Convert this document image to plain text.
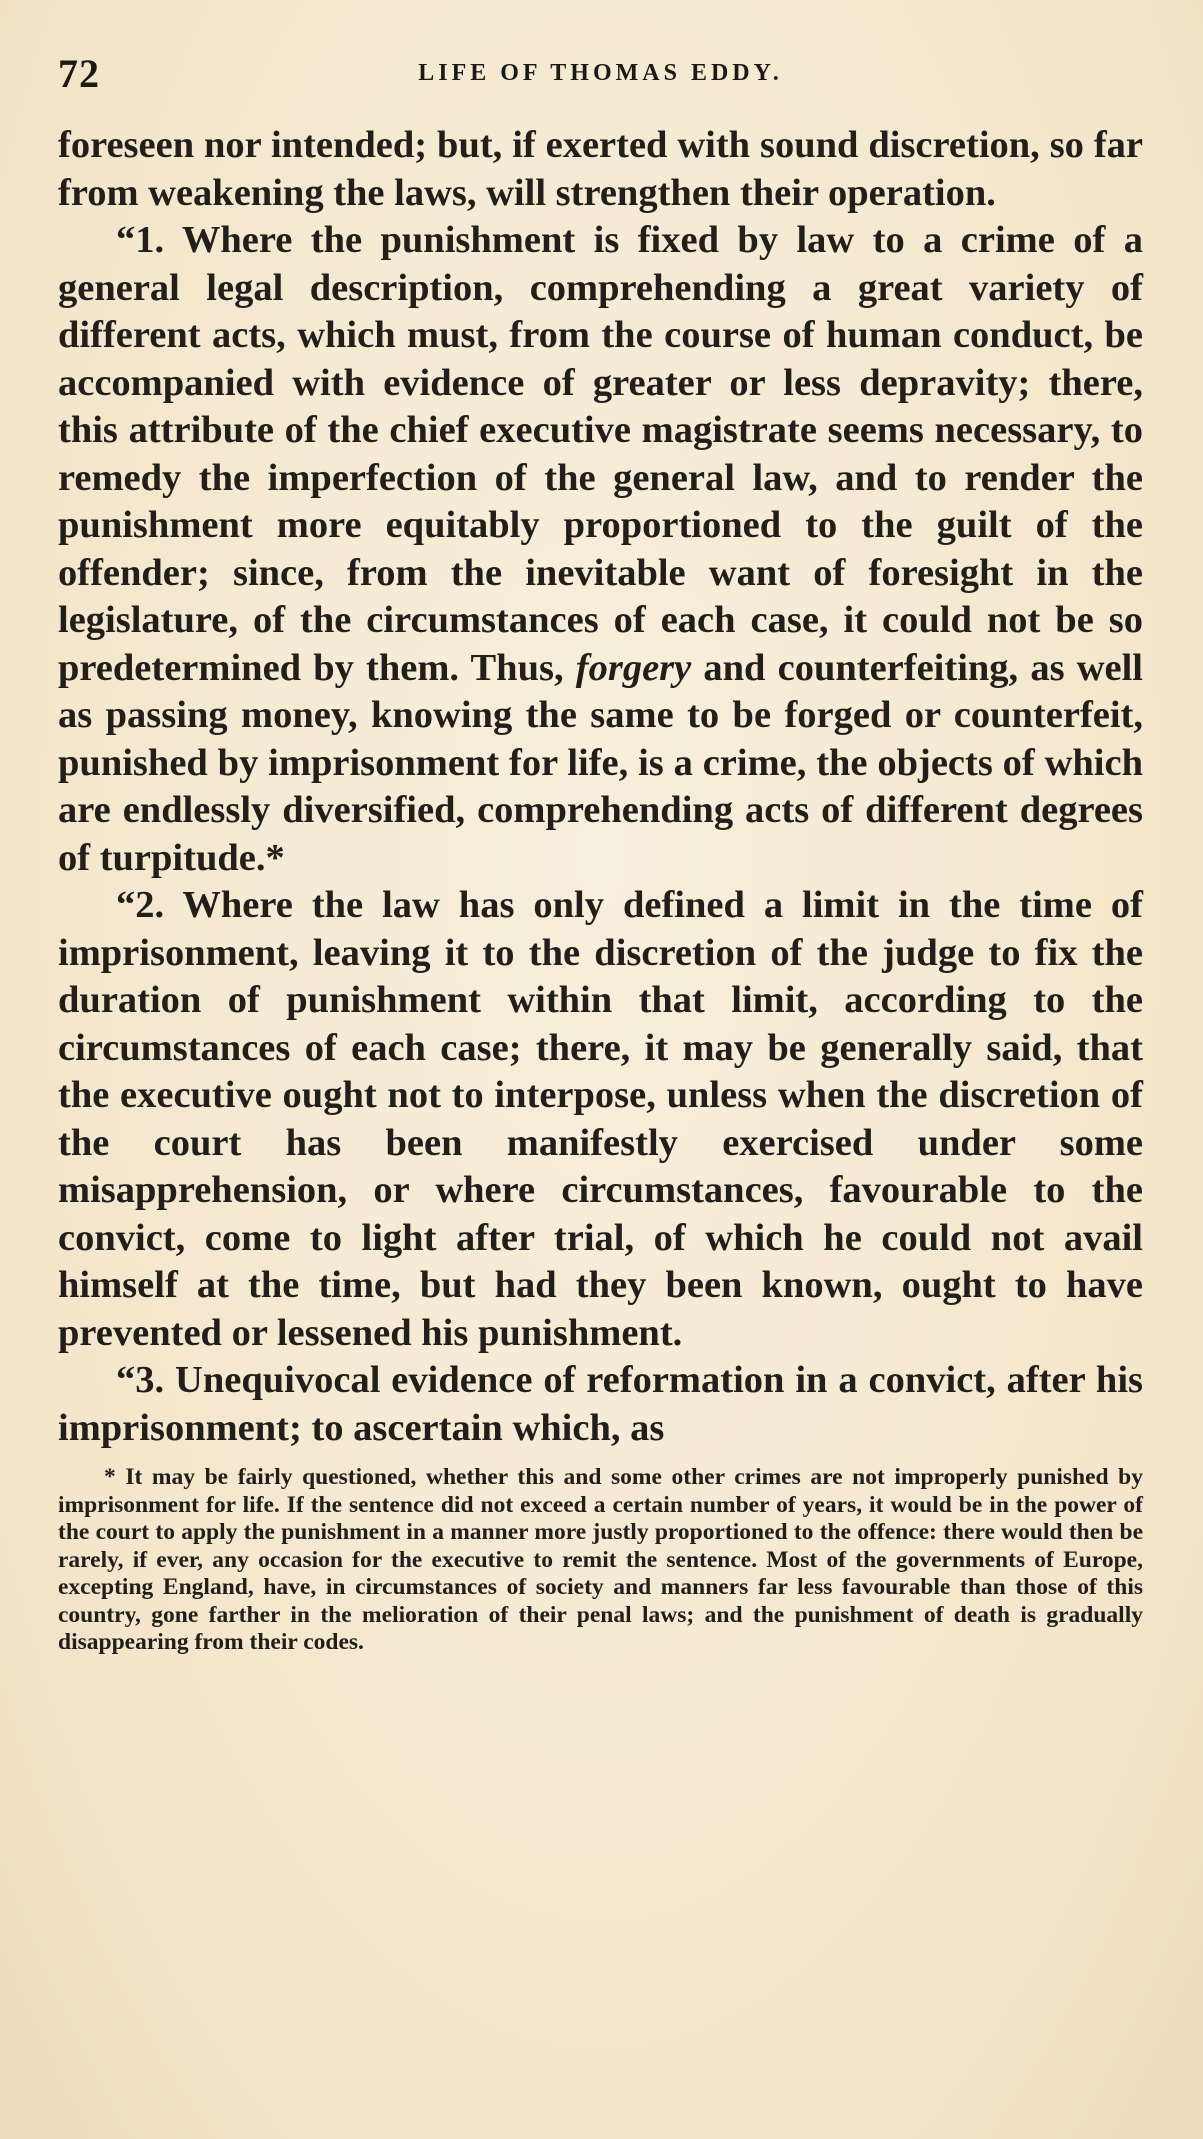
72	LIFE OF THOMAS EDDY.

foreseen nor intended; but, if exerted with sound discretion, so far from weakening the laws, will strengthen their operation.

“1. Where the punishment is fixed by law to a crime of a general legal description, comprehending a great variety of different acts, which must, from the course of human conduct, be accompanied with evidence of greater or less depravity; there, this attribute of the chief executive magistrate seems necessary, to remedy the imperfection of the general law, and to render the punishment more equitably proportioned to the guilt of the offender; since, from the inevitable want of foresight in the legislature, of the circumstances of each case, it could not be so predetermined by them. Thus, forgery and counterfeiting, as well as passing money, knowing the same to be forged or counterfeit, punished by imprisonment for life, is a crime, the objects of which are endlessly diversified, comprehending acts of different degrees of turpitude.*

“2. Where the law has only defined a limit in the time of imprisonment, leaving it to the discretion of the judge to fix the duration of punishment within that limit, according to the circumstances of each case; there, it may be generally said, that the executive ought not to interpose, unless when the discretion of the court has been manifestly exercised under some misapprehension, or where circumstances, favourable to the convict, come to light after trial, of which he could not avail himself at the time, but had they been known, ought to have prevented or lessened his punishment.

“3. Unequivocal evidence of reformation in a convict, after his imprisonment; to ascertain which, as

* It may be fairly questioned, whether this and some other crimes are not improperly punished by imprisonment for life. If the sentence did not exceed a certain number of years, it would be in the power of the court to apply the punishment in a manner more justly proportioned to the offence: there would then be rarely, if ever, any occasion for the executive to remit the sentence. Most of the governments of Europe, excepting England, have, in circumstances of society and manners far less favourable than those of this country, gone farther in the melioration of their penal laws; and the punishment of death is gradually disappearing from their codes.
